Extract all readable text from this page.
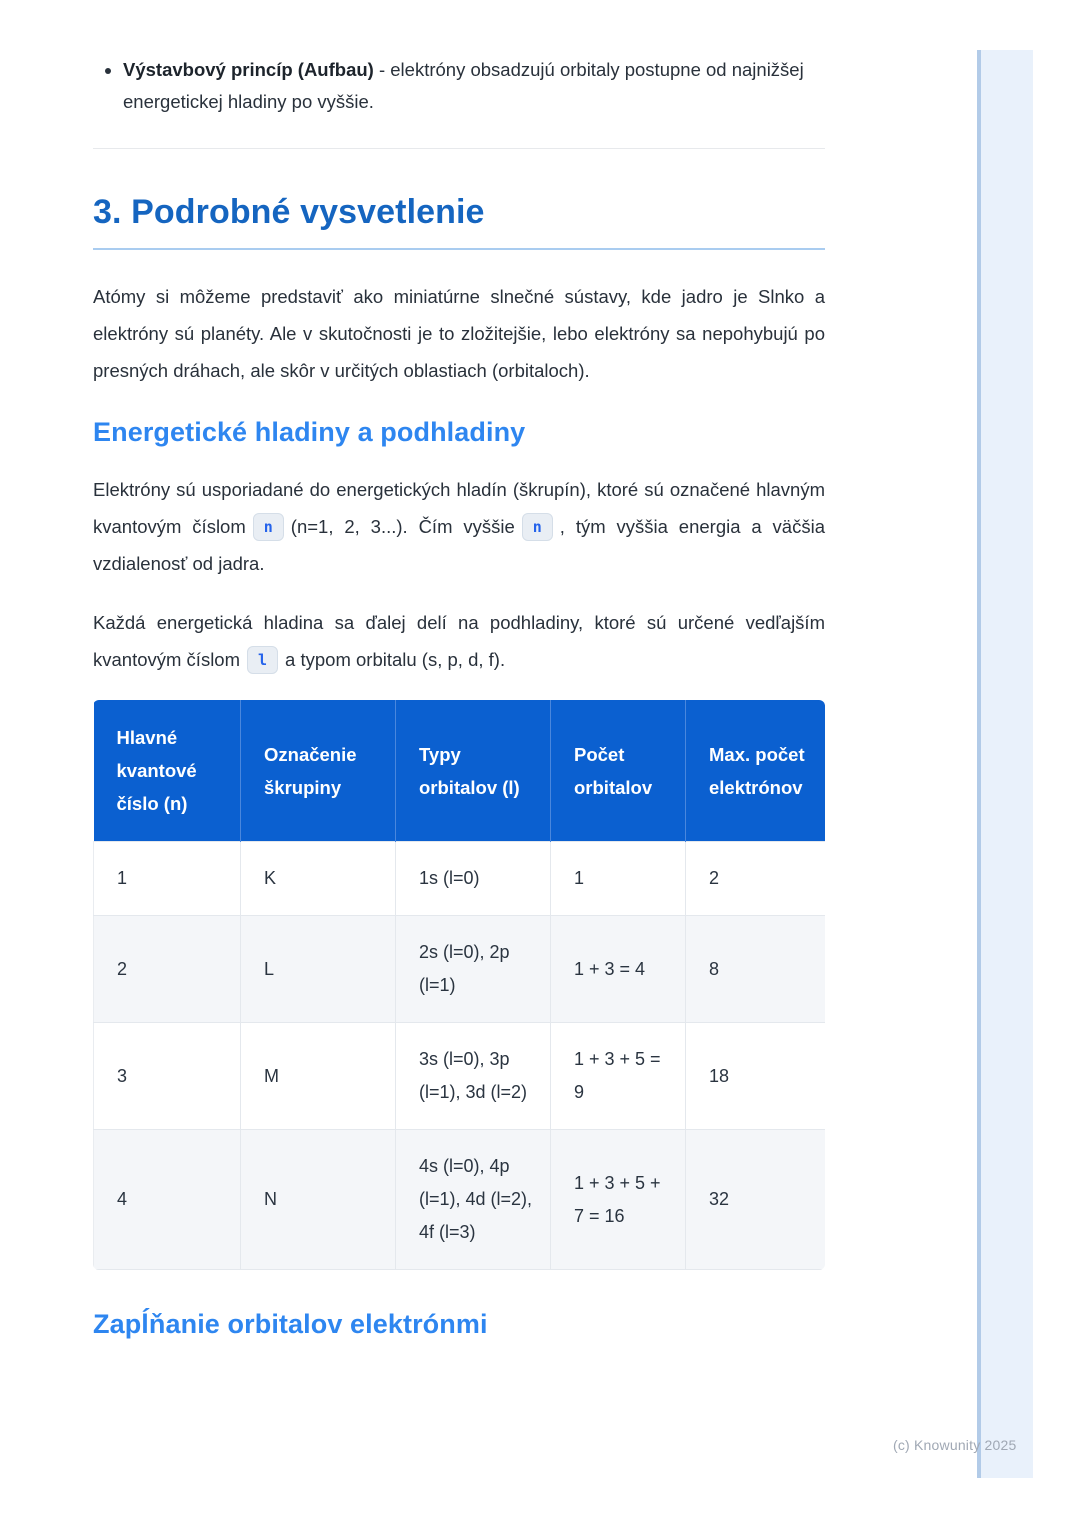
(c) Knowunity 2025
• Výstavbový princíp (Aufbau) - elektróny obsadzujú orbitaly postupne od najnižšej energetickej hladiny po vyššie.
3. Podrobné vysvetlenie

Atómy si môžeme predstaviť ako miniatúrne slnečné sústavy, kde jadro je Slnko a elektróny sú planéty. Ale v skutočnosti je to zložitejšie, lebo elektróny sa nepohybujú po presných dráhach, ale skôr v určitých oblastiach (orbitaloch).

Energetické hladiny a podhladiny

Elektróny sú usporiadané do energetických hladín (škrupín), ktoré sú označené hlavným kvantovým číslom n (n=1, 2, 3...). Čím vyššie n , tým vyššia energia a väčšia vzdialenosť od jadra.

Každá energetická hladina sa ďalej delí na podhladiny, ktoré sú určené vedľajším kvantovým číslom l a typom orbitalu (s, p, d, f).

Hlavné kvantové číslo (n)	Označenie škrupiny	Typy orbitalov (l)	Počet orbitalov	Max. počet elektrónov
1	K	1s (l=0)	1	2
2	L	2s (l=0), 2p (l=1)	1 + 3 = 4	8
3	M	3s (l=0), 3p (l=1), 3d (l=2)	1 + 3 + 5 = 9	18
4	N	4s (l=0), 4p (l=1), 4d (l=2), 4f (l=3)	1 + 3 + 5 + 7 = 16	32
Zapĺňanie orbitalov elektrónmi
